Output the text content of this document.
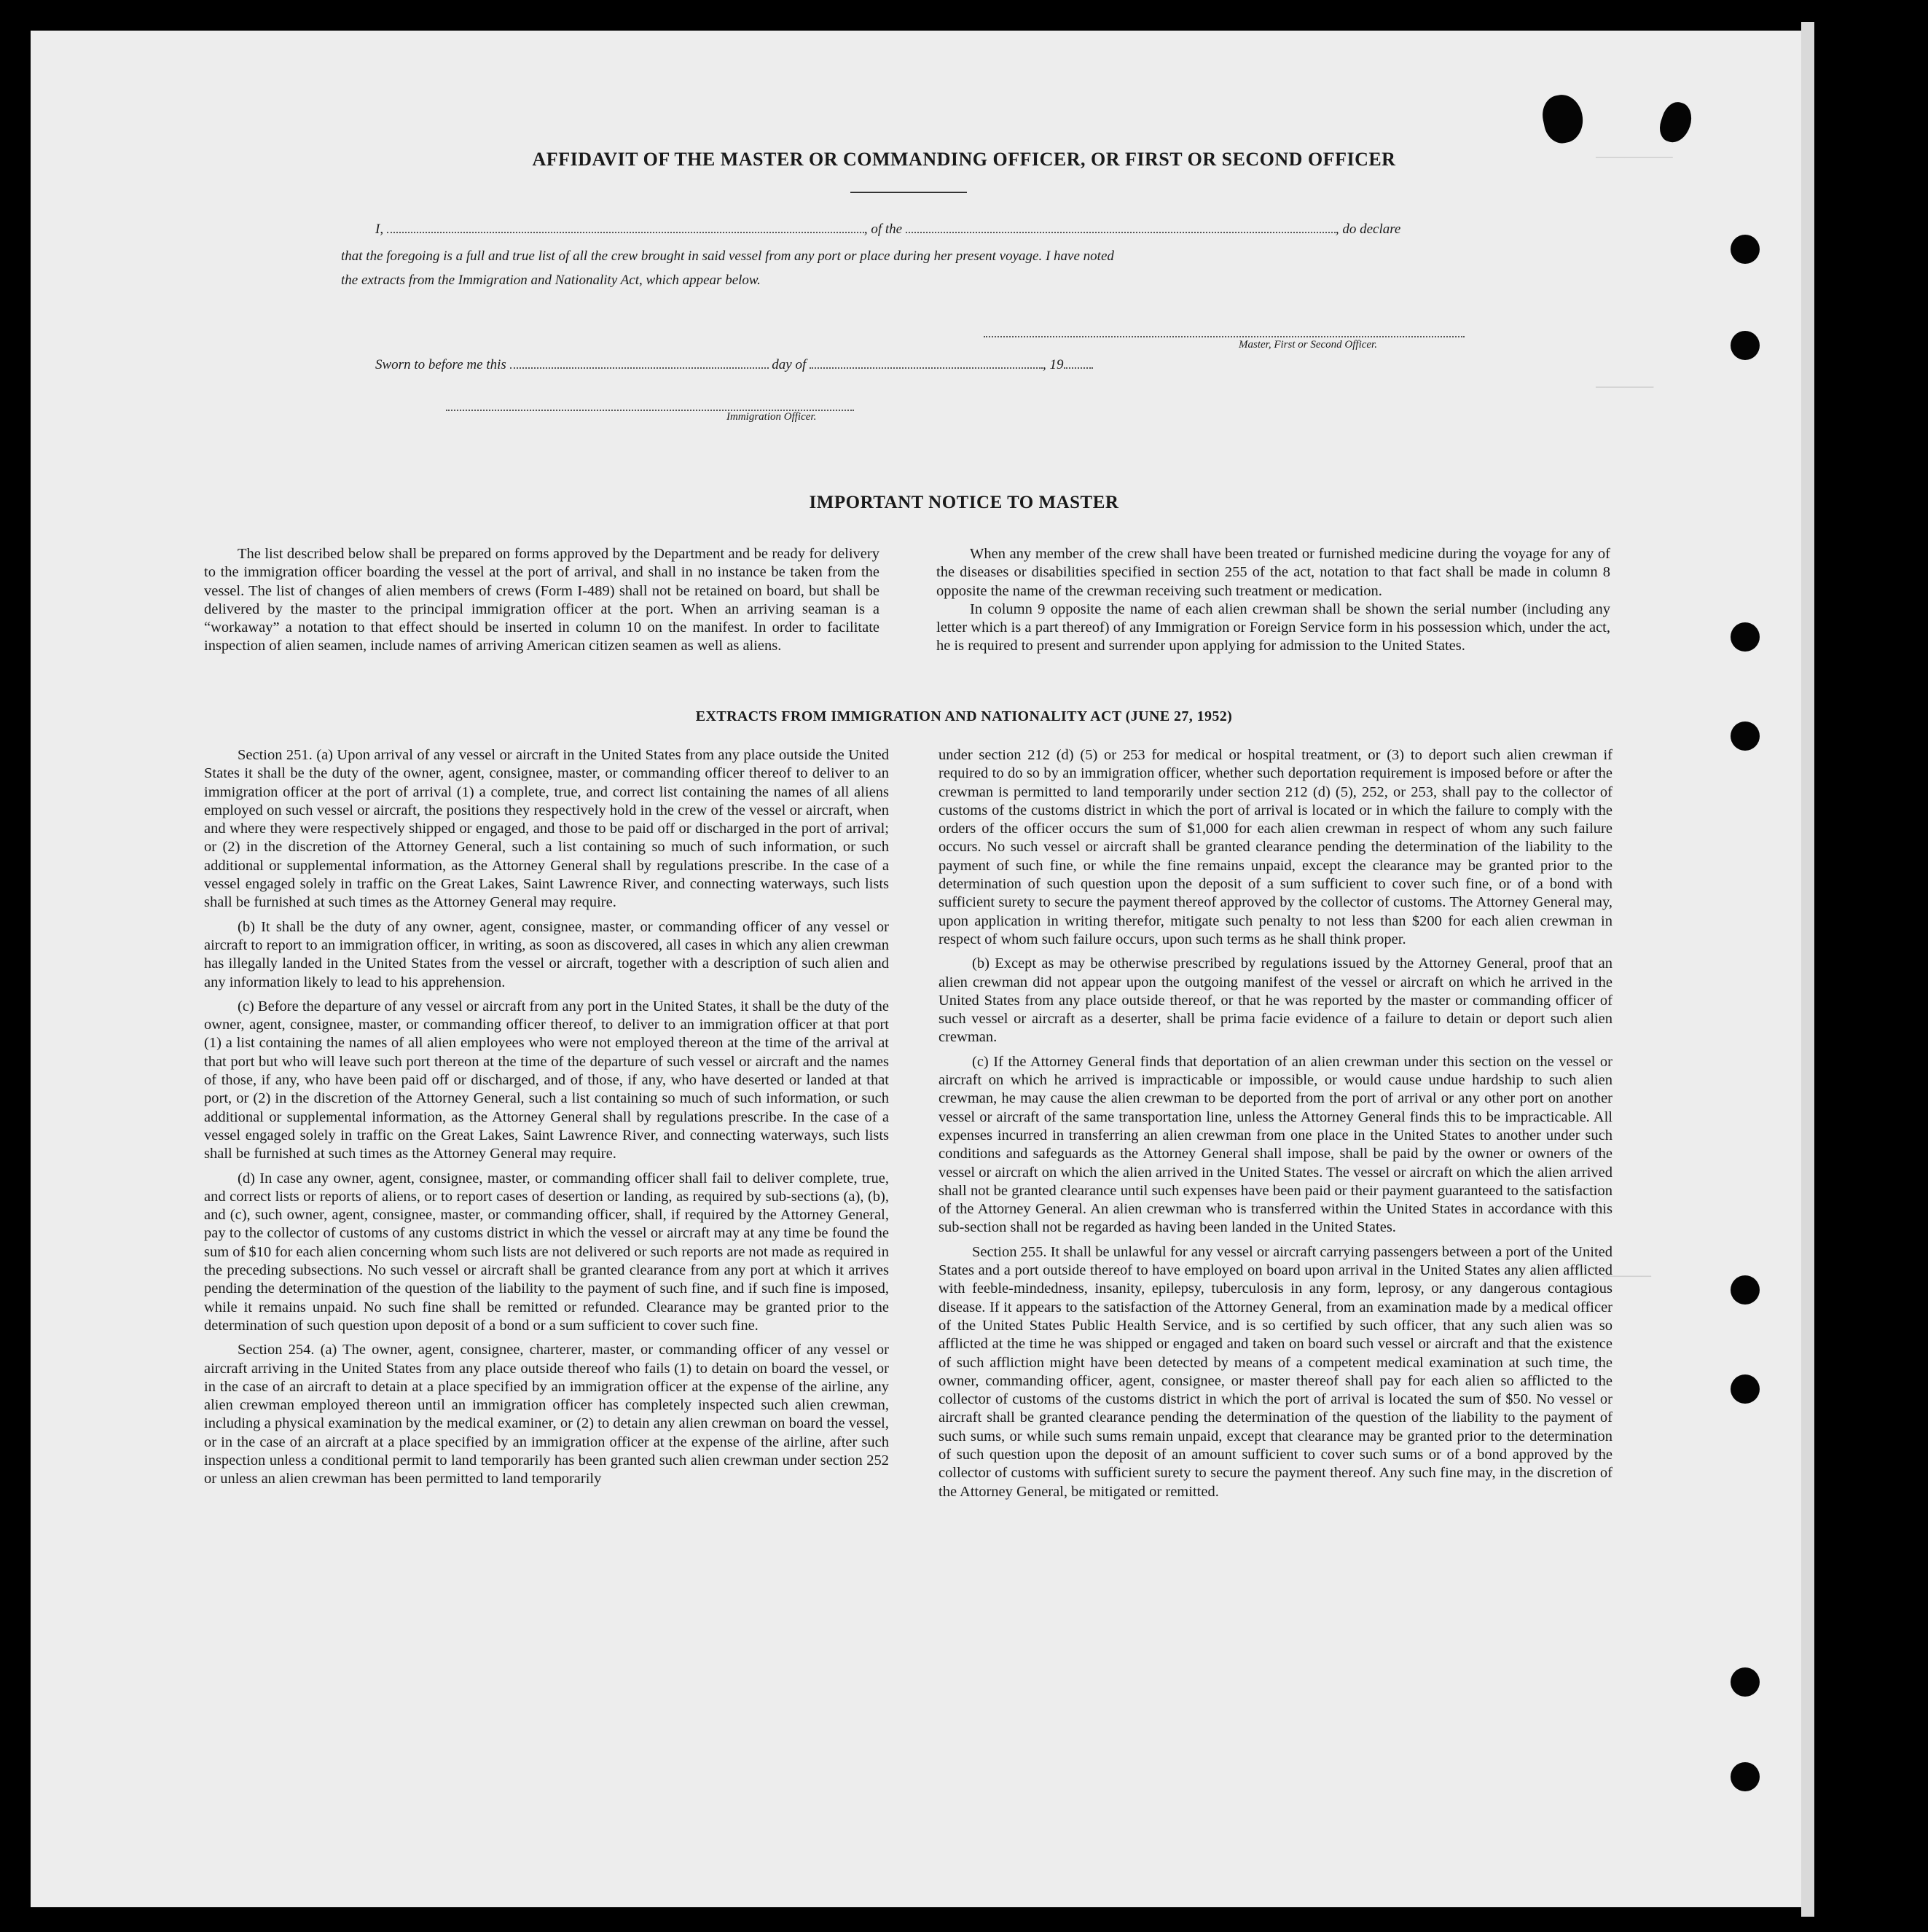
────────
──────
─────
AFFIDAVIT OF THE MASTER OR COMMANDING OFFICER, OR FIRST OR SECOND OFFICER
I,	, of the	, do declare
that the foregoing is a full and true list of all the crew brought in said vessel from any port or place during her present voyage. I have noted
the extracts from the Immigration and Nationality Act, which appear below.
Master, First or Second Officer.
Sworn to before me this	day of	, 19
Immigration Officer.
IMPORTANT NOTICE TO MASTER

The list described below shall be prepared on forms approved by the Department and be ready for delivery to the immigration officer boarding the vessel at the port of arrival, and shall in no instance be taken from the vessel. The list of changes of alien members of crews (Form I-489) shall not be retained on board, but shall be delivered by the master to the principal immigration officer at the port. When an arriving seaman is a “workaway” a notation to that effect should be inserted in column 10 on the manifest. In order to facilitate inspection of alien seamen, include names of arriving American citizen seamen as well as aliens.

When any member of the crew shall have been treated or furnished medicine during the voyage for any of the diseases or disabilities specified in section 255 of the act, notation to that fact shall be made in column 8 opposite the name of the crewman receiving such treatment or medication.

In column 9 opposite the name of each alien crewman shall be shown the serial number (including any letter which is a part thereof) of any Immigration or Foreign Service form in his possession which, under the act, he is required to present and surrender upon applying for admission to the United States.

EXTRACTS FROM IMMIGRATION AND NATIONALITY ACT (JUNE 27, 1952)

Section 251. (a) Upon arrival of any vessel or aircraft in the United States from any place outside the United States it shall be the duty of the owner, agent, consignee, master, or commanding officer thereof to deliver to an immigration officer at the port of arrival (1) a complete, true, and correct list containing the names of all aliens employed on such vessel or aircraft, the positions they respectively hold in the crew of the vessel or aircraft, when and where they were respectively shipped or engaged, and those to be paid off or discharged in the port of arrival; or (2) in the discretion of the Attorney General, such a list containing so much of such information, or such additional or supplemental information, as the Attorney General shall by regulations prescribe. In the case of a vessel engaged solely in traffic on the Great Lakes, Saint Lawrence River, and connecting waterways, such lists shall be furnished at such times as the Attorney General may require.

(b) It shall be the duty of any owner, agent, consignee, master, or commanding officer of any vessel or aircraft to report to an immigration officer, in writing, as soon as discovered, all cases in which any alien crewman has illegally landed in the United States from the vessel or aircraft, together with a description of such alien and any information likely to lead to his apprehension.

(c) Before the departure of any vessel or aircraft from any port in the United States, it shall be the duty of the owner, agent, consignee, master, or commanding officer thereof, to deliver to an immigration officer at that port (1) a list containing the names of all alien employees who were not employed thereon at the time of the arrival at that port but who will leave such port thereon at the time of the departure of such vessel or aircraft and the names of those, if any, who have been paid off or discharged, and of those, if any, who have deserted or landed at that port, or (2) in the discretion of the Attorney General, such a list containing so much of such information, or such additional or supplemental information, as the Attorney General shall by regulations prescribe. In the case of a vessel engaged solely in traffic on the Great Lakes, Saint Lawrence River, and connecting waterways, such lists shall be furnished at such times as the Attorney General may require.

(d) In case any owner, agent, consignee, master, or commanding officer shall fail to deliver complete, true, and correct lists or reports of aliens, or to report cases of desertion or landing, as required by sub-sections (a), (b), and (c), such owner, agent, consignee, master, or commanding officer, shall, if required by the Attorney General, pay to the collector of customs of any customs district in which the vessel or aircraft may at any time be found the sum of $10 for each alien concerning whom such lists are not delivered or such reports are not made as required in the preceding subsections. No such vessel or aircraft shall be granted clearance from any port at which it arrives pending the determination of the question of the liability to the payment of such fine, and if such fine is imposed, while it remains unpaid. No such fine shall be remitted or refunded. Clearance may be granted prior to the determination of such question upon deposit of a bond or a sum sufficient to cover such fine.

Section 254. (a) The owner, agent, consignee, charterer, master, or commanding officer of any vessel or aircraft arriving in the United States from any place outside thereof who fails (1) to detain on board the vessel, or in the case of an aircraft to detain at a place specified by an immigration officer at the expense of the airline, any alien crewman employed thereon until an immigration officer has completely inspected such alien crewman, including a physical examination by the medical examiner, or (2) to detain any alien crewman on board the vessel, or in the case of an aircraft at a place specified by an immigration officer at the expense of the airline, after such inspection unless a conditional permit to land temporarily has been granted such alien crewman under section 252 or unless an alien crewman has been permitted to land temporarily

under section 212 (d) (5) or 253 for medical or hospital treatment, or (3) to deport such alien crewman if required to do so by an immigration officer, whether such deportation requirement is imposed before or after the crewman is permitted to land temporarily under section 212 (d) (5), 252, or 253, shall pay to the collector of customs of the customs district in which the port of arrival is located or in which the failure to comply with the orders of the officer occurs the sum of $1,000 for each alien crewman in respect of whom any such failure occurs. No such vessel or aircraft shall be granted clearance pending the determination of the liability to the payment of such fine, or while the fine remains unpaid, except the clearance may be granted prior to the determination of such question upon the deposit of a sum sufficient to cover such fine, or of a bond with sufficient surety to secure the payment thereof approved by the collector of customs. The Attorney General may, upon application in writing therefor, mitigate such penalty to not less than $200 for each alien crewman in respect of whom such failure occurs, upon such terms as he shall think proper.

(b) Except as may be otherwise prescribed by regulations issued by the Attorney General, proof that an alien crewman did not appear upon the outgoing manifest of the vessel or aircraft on which he arrived in the United States from any place outside thereof, or that he was reported by the master or commanding officer of such vessel or aircraft as a deserter, shall be prima facie evidence of a failure to detain or deport such alien crewman.

(c) If the Attorney General finds that deportation of an alien crewman under this section on the vessel or aircraft on which he arrived is impracticable or impossible, or would cause undue hardship to such alien crewman, he may cause the alien crewman to be deported from the port of arrival or any other port on another vessel or aircraft of the same transportation line, unless the Attorney General finds this to be impracticable. All expenses incurred in transferring an alien crewman from one place in the United States to another under such conditions and safeguards as the Attorney General shall impose, shall be paid by the owner or owners of the vessel or aircraft on which the alien arrived in the United States. The vessel or aircraft on which the alien arrived shall not be granted clearance until such expenses have been paid or their payment guaranteed to the satisfaction of the Attorney General. An alien crewman who is transferred within the United States in accordance with this sub-section shall not be regarded as having been landed in the United States.

Section 255. It shall be unlawful for any vessel or aircraft carrying passengers between a port of the United States and a port outside thereof to have employed on board upon arrival in the United States any alien afflicted with feeble-mindedness, insanity, epilepsy, tuberculosis in any form, leprosy, or any dangerous contagious disease. If it appears to the satisfaction of the Attorney General, from an examination made by a medical officer of the United States Public Health Service, and is so certified by such officer, that any such alien was so afflicted at the time he was shipped or engaged and taken on board such vessel or aircraft and that the existence of such affliction might have been detected by means of a competent medical examination at such time, the owner, commanding officer, agent, consignee, or master thereof shall pay for each alien so afflicted to the collector of customs of the customs district in which the port of arrival is located the sum of $50. No vessel or aircraft shall be granted clearance pending the determination of the question of the liability to the payment of such sums, or while such sums remain unpaid, except that clearance may be granted prior to the determination of such question upon the deposit of an amount sufficient to cover such sums or of a bond approved by the collector of customs with sufficient surety to secure the payment thereof. Any such fine may, in the discretion of the Attorney General, be mitigated or remitted.
